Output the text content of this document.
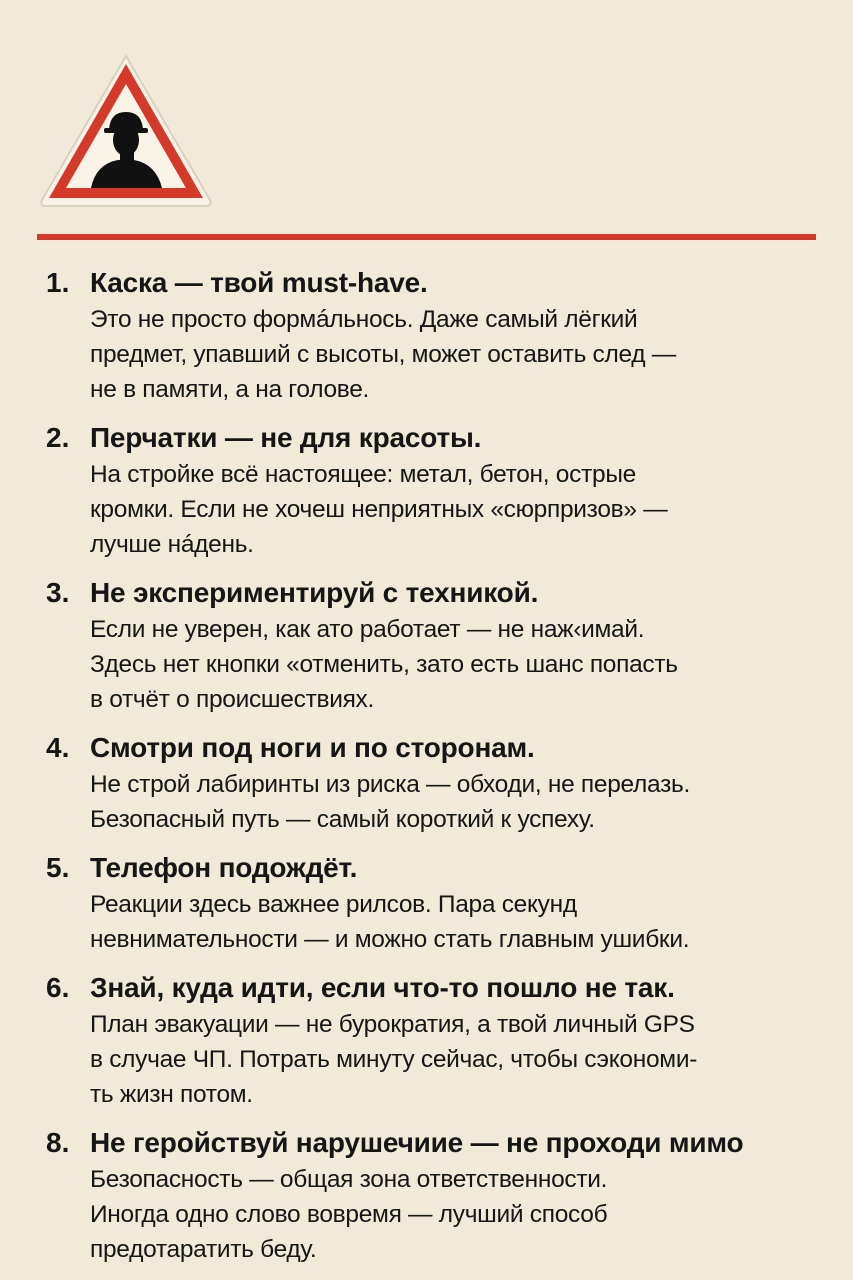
1. Каска — твой must-have.
Это не просто формáльнось. Даже самый лёгкий
предмет, упавший с высоты, может оставить след —
не в памяти, а на голове.
2. Перчатки — не для красоты.
На стройке всё настоящее: метал, бетон, острые
кромки. Если не хочеш неприятных «сюрпризов» —
лучше нáдень.
3. Не экспериментируй с техникой.
Если не уверен, как ато работает — не наж‹имай.
Здесь нет кнопки «отменить, зато есть шанс попасть
в отчёт о происшествиях.
4. Смотри под ноги и по сторонам.
Не строй лабиринты из риска — обходи, не перелазь.
Безопасный путь — самый короткий к успеху.
5. Телефон подождёт.
Реакции здесь важнее рилсов. Пара секунд
невнимательности — и можно стать главным ушибки.
6. Знай, куда идти, если что-то пошло не так.
План эвакуации — не бурократия, а твой личный GPS
в случае ЧП. Потрать минуту сейчас, чтобы сэкономи-
ть жизн потом.
8. Не геройствуй нарушечиие — не проходи мимо
Безопасность — общая зона ответственности.
Иногда одно слово вовремя — лучший способ
предотаратить беду.
